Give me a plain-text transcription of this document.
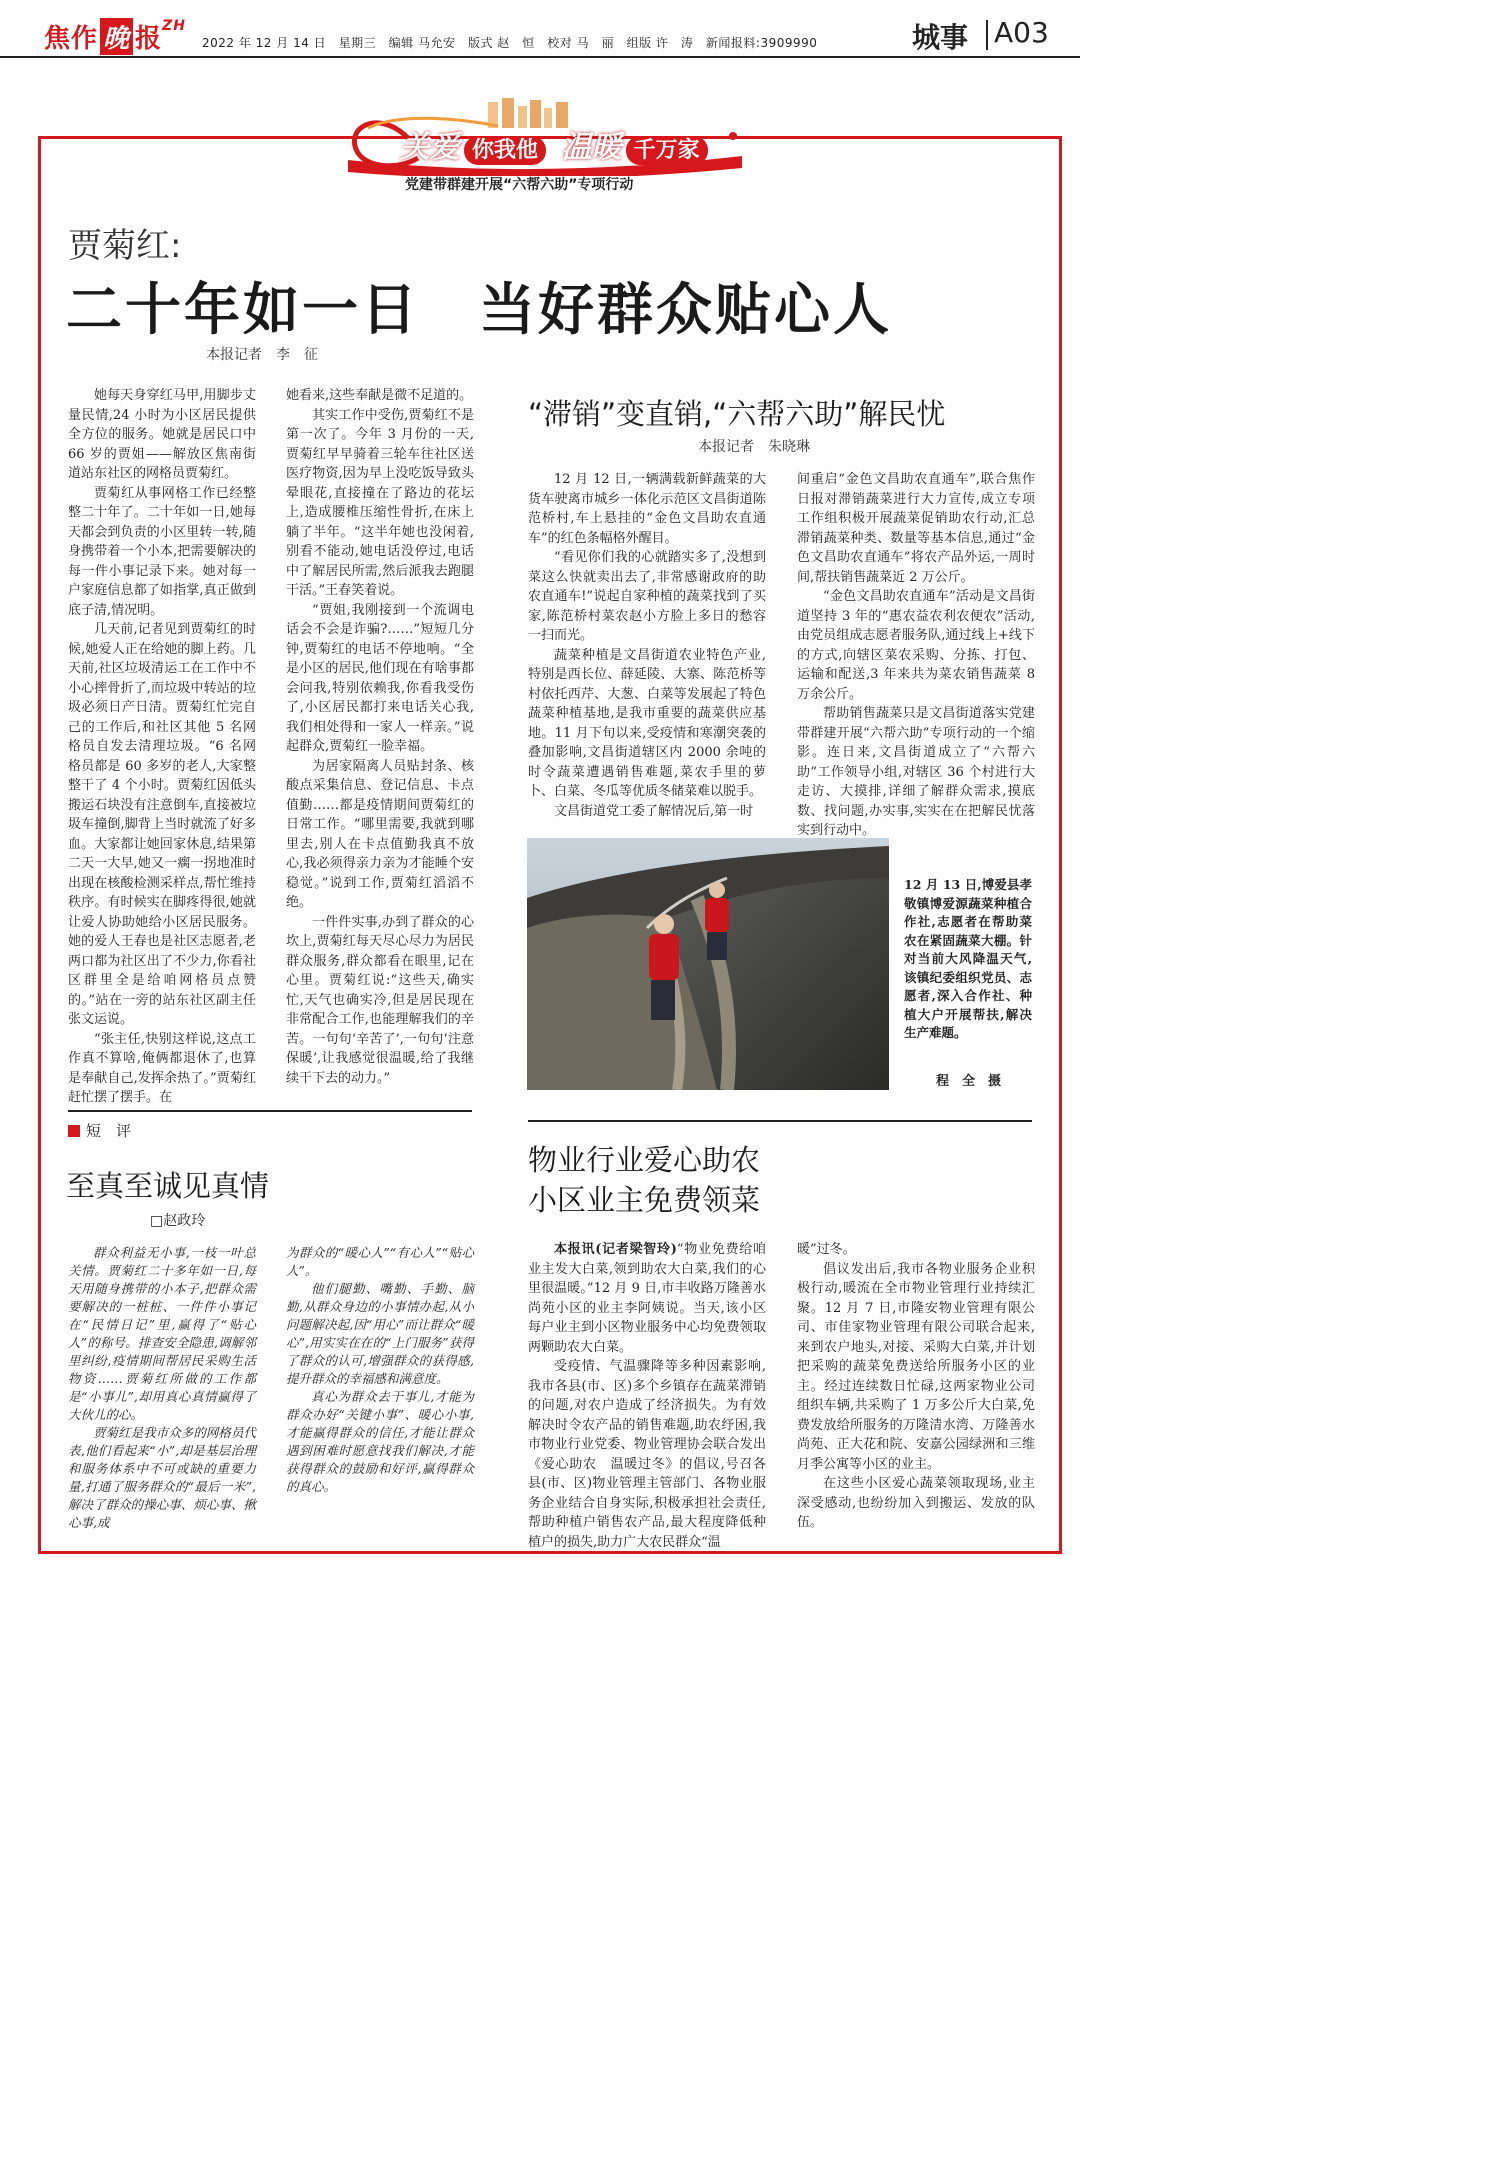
焦作 晚 报$^{ZH}$
2022 年 12 月 14 日　星期三　编辑 马允安　版式 赵　恒　校对 马　丽　组版 许　涛　新闻报料:3909990	城事 A03
关爱 你我他 温暖 千万家
党建带群建开展“六帮六助”专项行动
贾菊红:
二十年如一日　当好群众贴心人
本报记者　李　征

她每天身穿红马甲,用脚步丈量民情,24 小时为小区居民提供全方位的服务。她就是居民口中 66 岁的贾姐——解放区焦南街道站东社区的网格员贾菊红。

贾菊红从事网格工作已经整整二十年了。二十年如一日,她每天都会到负责的小区里转一转,随身携带着一个小本,把需要解决的每一件小事记录下来。她对每一户家庭信息都了如指掌,真正做到底子清,情况明。

几天前,记者见到贾菊红的时候,她爱人正在给她的脚上药。几天前,社区垃圾清运工在工作中不小心摔骨折了,而垃圾中转站的垃圾必须日产日清。贾菊红忙完自己的工作后,和社区其他 5 名网格员自发去清理垃圾。“6 名网格员都是 60 多岁的老人,大家整整干了 4 个小时。贾菊红因低头搬运石块没有注意倒车,直接被垃圾车撞倒,脚背上当时就流了好多血。大家都让她回家休息,结果第二天一大早,她又一瘸一拐地准时出现在核酸检测采样点,帮忙维持秩序。有时候实在脚疼得很,她就让爱人协助她给小区居民服务。她的爱人王春也是社区志愿者,老两口都为社区出了不少力,你看社区群里全是给咱网格员点赞的。”站在一旁的站东社区副主任张文运说。

“张主任,快别这样说,这点工作真不算啥,俺俩都退休了,也算是奉献自己,发挥余热了。”贾菊红赶忙摆了摆手。在

她看来,这些奉献是微不足道的。

其实工作中受伤,贾菊红不是第一次了。今年 3 月份的一天,贾菊红早早骑着三轮车往社区送医疗物资,因为早上没吃饭导致头晕眼花,直接撞在了路边的花坛上,造成腰椎压缩性骨折,在床上躺了半年。“这半年她也没闲着,别看不能动,她电话没停过,电话中了解居民所需,然后派我去跑腿干活。”王春笑着说。

“贾姐,我刚接到一个流调电话会不会是诈骗?……”短短几分钟,贾菊红的电话不停地响。“全是小区的居民,他们现在有啥事都会问我,特别依赖我,你看我受伤了,小区居民都打来电话关心我,我们相处得和一家人一样亲。”说起群众,贾菊红一脸幸福。

为居家隔离人员贴封条、核酸点采集信息、登记信息、卡点值勤……都是疫情期间贾菊红的日常工作。“哪里需要,我就到哪里去,别人在卡点值勤我真不放心,我必须得亲力亲为才能睡个安稳觉。”说到工作,贾菊红滔滔不绝。

一件件实事,办到了群众的心坎上,贾菊红每天尽心尽力为居民群众服务,群众都看在眼里,记在心里。贾菊红说:“这些天,确实忙,天气也确实冷,但是居民现在非常配合工作,也能理解我们的辛苦。一句句‘辛苦了’,一句句‘注意保暖’,让我感觉很温暖,给了我继续干下去的动力。”

“滞销”变直销,“六帮六助”解民忧
本报记者　朱晓琳

12 月 12 日,一辆满载新鲜蔬菜的大货车驶离市城乡一体化示范区文昌街道陈范桥村,车上悬挂的“金色文昌助农直通车”的红色条幅格外醒目。

“看见你们我的心就踏实多了,没想到菜这么快就卖出去了,非常感谢政府的助农直通车!”说起自家种植的蔬菜找到了买家,陈范桥村菜农赵小方脸上多日的愁容一扫而光。

蔬菜种植是文昌街道农业特色产业,特别是西长位、薛延陵、大寨、陈范桥等村依托西芹、大葱、白菜等发展起了特色蔬菜种植基地,是我市重要的蔬菜供应基地。11 月下旬以来,受疫情和寒潮突袭的叠加影响,文昌街道辖区内 2000 余吨的时令蔬菜遭遇销售难题,菜农手里的萝卜、白菜、冬瓜等优质冬储菜难以脱手。

文昌街道党工委了解情况后,第一时

间重启“金色文昌助农直通车”,联合焦作日报对滞销蔬菜进行大力宣传,成立专项工作组积极开展蔬菜促销助农行动,汇总滞销蔬菜种类、数量等基本信息,通过“金色文昌助农直通车”将农产品外运,一周时间,帮扶销售蔬菜近 2 万公斤。

“金色文昌助农直通车”活动是文昌街道坚持 3 年的“惠农益农利农便农”活动,由党员组成志愿者服务队,通过线上+线下的方式,向辖区菜农采购、分拣、打包、运输和配送,3 年来共为菜农销售蔬菜 8 万余公斤。

帮助销售蔬菜只是文昌街道落实党建带群建开展“六帮六助”专项行动的一个缩影。连日来,文昌街道成立了“六帮六助”工作领导小组,对辖区 36 个村进行大走访、大摸排,详细了解群众需求,摸底数、找问题,办实事,实实在在把解民忧落实到行动中。

12 月 13 日,博爱县孝敬镇博爱源蔬菜种植合作社,志愿者在帮助菜农在紧固蔬菜大棚。针对当前大风降温天气,该镇纪委组织党员、志愿者,深入合作社、种植大户开展帮扶,解决生产难题。
程　全　摄
短　评
至真至诚见真情
□赵政玲

群众利益无小事,一枝一叶总关情。贾菊红二十多年如一日,每天用随身携带的小本子,把群众需要解决的一桩桩、一件件小事记在“民情日记”里,赢得了“贴心人”的称号。排查安全隐患,调解邻里纠纷,疫情期间帮居民采购生活物资……贾菊红所做的工作都是“小事儿”,却用真心真情赢得了大伙儿的心。

贾菊红是我市众多的网格员代表,他们看起来“小”,却是基层治理和服务体系中不可或缺的重要力量,打通了服务群众的“最后一米”,解决了群众的操心事、烦心事、揪心事,成

为群众的“暖心人”“有心人”“贴心人”。

他们腿勤、嘴勤、手勤、脑勤,从群众身边的小事情办起,从小问题解决起,因“用心”而让群众“暖心”,用实实在在的“上门服务”获得了群众的认可,增强群众的获得感,提升群众的幸福感和满意度。

真心为群众去干事儿,才能为群众办好“关键小事”、暖心小事,才能赢得群众的信任,才能让群众遇到困难时愿意找我们解决,才能获得群众的鼓励和好评,赢得群众的真心。

物业行业爱心助农
小区业主免费领菜

本报讯(记者梁智玲)“物业免费给咱业主发大白菜,领到助农大白菜,我们的心里很温暖。”12 月 9 日,市丰收路万隆善水尚苑小区的业主李阿姨说。当天,该小区每户业主到小区物业服务中心均免费领取两颗助农大白菜。

受疫情、气温骤降等多种因素影响,我市各县(市、区)多个乡镇存在蔬菜滞销的问题,对农户造成了经济损失。为有效解决时令农产品的销售难题,助农纾困,我市物业行业党委、物业管理协会联合发出《爱心助农　温暖过冬》的倡议,号召各县(市、区)物业管理主管部门、各物业服务企业结合自身实际,积极承担社会责任,帮助种植户销售农产品,最大程度降低种植户的损失,助力广大农民群众“温

暖”过冬。

倡议发出后,我市各物业服务企业积极行动,暖流在全市物业管理行业持续汇聚。12 月 7 日,市隆安物业管理有限公司、市佳家物业管理有限公司联合起来,来到农户地头,对接、采购大白菜,并计划把采购的蔬菜免费送给所服务小区的业主。经过连续数日忙碌,这两家物业公司组织车辆,共采购了 1 万多公斤大白菜,免费发放给所服务的万隆清水湾、万隆善水尚苑、正大花和院、安嘉公园绿洲和三维月季公寓等小区的业主。

在这些小区爱心蔬菜领取现场,业主深受感动,也纷纷加入到搬运、发放的队伍。
